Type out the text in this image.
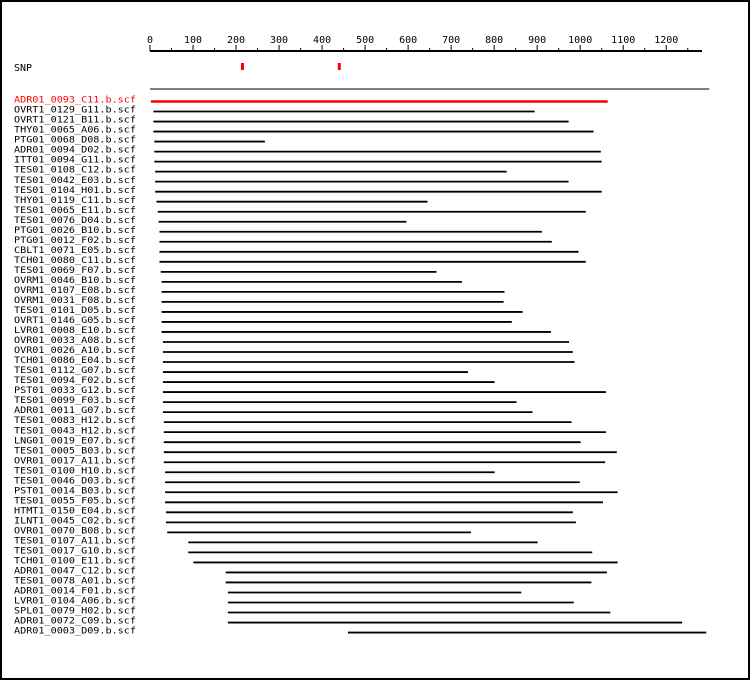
0	100 200 300 400 500 600 700 800 900 1000 1100 1200
SNP
ADR01_0093_C11.b.scf
OVRT1_0129_G11.b.scf
OVRT1_0121_B11.b.scf
THY01_0065_A06.b.scf
PTG01_0068_D08.b.scf
ADR01_0094_D02.b.scf
ITT01_0094_G11.b.scf
TES01_0108_C12.b.scf
TES01_0042_E03.b.scf
TES01_0104_H01.b.scf
THY01_0119_C11.b.scf
TES01_0065_E11.b.scf
TES01_0076_D04.b.scf
PTG01_0026_B10.b.scf
PTG01_0012_F02.b.scf
CBLT1_0071_E05.b.scf
TCH01_0080_C11.b.scf
TES01_0069_F07.b.scf
OVRM1_0046_B10.b.scf
OVRM1_0107_E08.b.scf
OVRM1_0031_F08.b.scf
TES01_0101_D05.b.scf
OVRT1_0146_G05.b.scf
LVR01_0008_E10.b.scf
OVR01_0033_A08.b.scf
OVR01_0026_A10.b.scf
TCH01_0086_E04.b.scf
TES01_0112_G07.b.scf
TES01_0094_F02.b.scf
PST01_0033_G12.b.scf
TES01_0099_F03.b.scf
ADR01_0011_G07.b.scf
TES01_0083_H12.b.scf
TES01_0043_H12.b.scf
LNG01_0019_E07.b.scf
TES01_0005_B03.b.scf
OVR01_0017_A11.b.scf
TES01_0100_H10.b.scf
TES01_0046_D03.b.scf
PST01_0014_B03.b.scf
TES01_0055_F05.b.scf
HTMT1_0150_E04.b.scf
ILNT1_0045_C02.b.scf
OVR01_0070_B08.b.scf
TES01_0107_A11.b.scf
TES01_0017_G10.b.scf
TCH01_0100_E11.b.scf
ADR01_0047_C12.b.scf
TES01_0078_A01.b.scf
ADR01_0014_F01.b.scf
LVR01_0104_A06.b.scf
SPL01_0079_H02.b.scf
ADR01_0072_C09.b.scf
ADR01_0003_D09.b.scf
